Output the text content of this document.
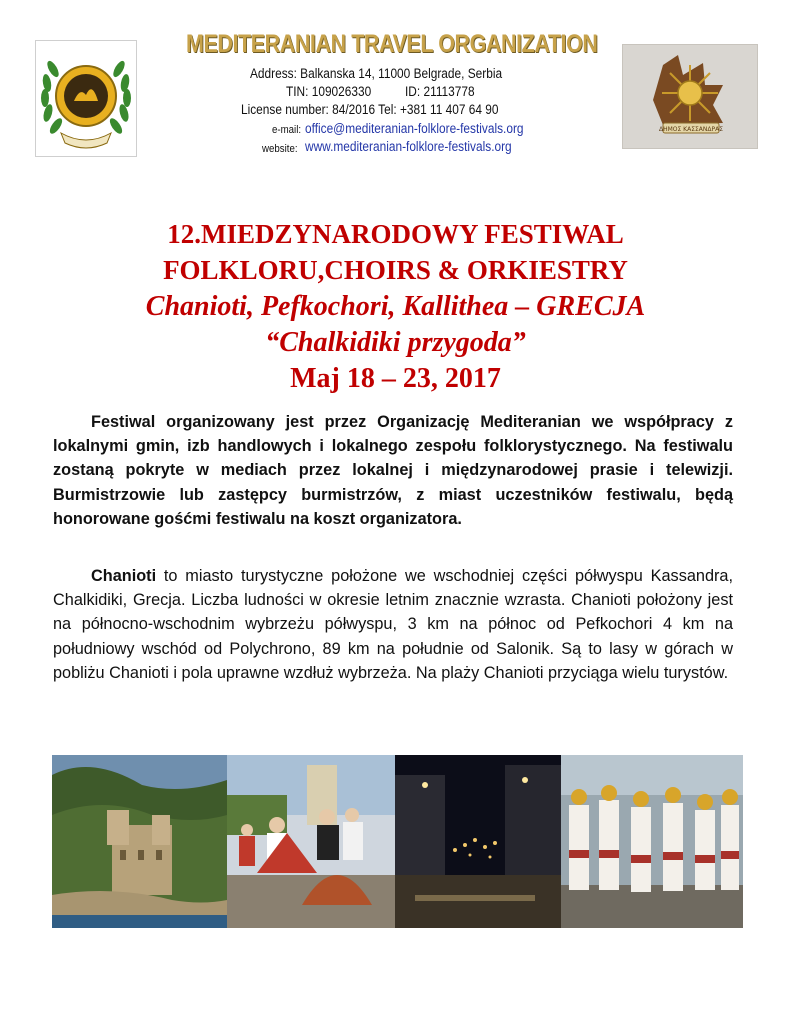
MEDITERANIAN TRAVEL ORGANIZATION
Address: Balkanska 14, 11000 Belgrade, Serbia
TIN: 109026330	ID: 21113778
License number: 84/2016 Tel: +381 11 407 64 90
e-mail: office@mediteranian-folklore-festivals.org
website: www.mediteranian-folklore-festivals.org
ΔΗΜΟΣ ΚΑΣΣΑΝΔΡΑΣ
12.MIEDZYNARODOWY FESTIWAL
FOLKLORU,CHOIRS & ORKIESTRY
Chanioti, Pefkochori, Kallithea – GRECJA
“Chalkidiki przygoda”
Maj 18 – 23, 2017
Festiwal organizowany jest przez Organizację Mediteranian we współpracy z lokalnymi gmin, izb handlowych i lokalnego zespołu folklorystycznego. Na festiwalu zostaną pokryte w mediach przez lokalnej i międzynarodowej prasie i telewizji. Burmistrzowie lub zastępcy burmistrzów, z miast uczestników festiwalu, będą honorowane gośćmi festiwalu na koszt organizatora.
Chanioti to miasto turystyczne położone we wschodniej części półwyspu Kassandra, Chalkidiki, Grecja. Liczba ludności w okresie letnim znacznie wzrasta. Chanioti położony jest na północno-wschodnim wybrzeżu półwyspu, 3 km na północ od Pefkochori 4 km na południowy wschód od Polychrono, 89 km na południe od Salonik. Są to lasy w górach w pobliżu Chanioti i pola uprawne wzdłuż wybrzeża. Na plaży Chanioti przyciąga wielu turystów.
